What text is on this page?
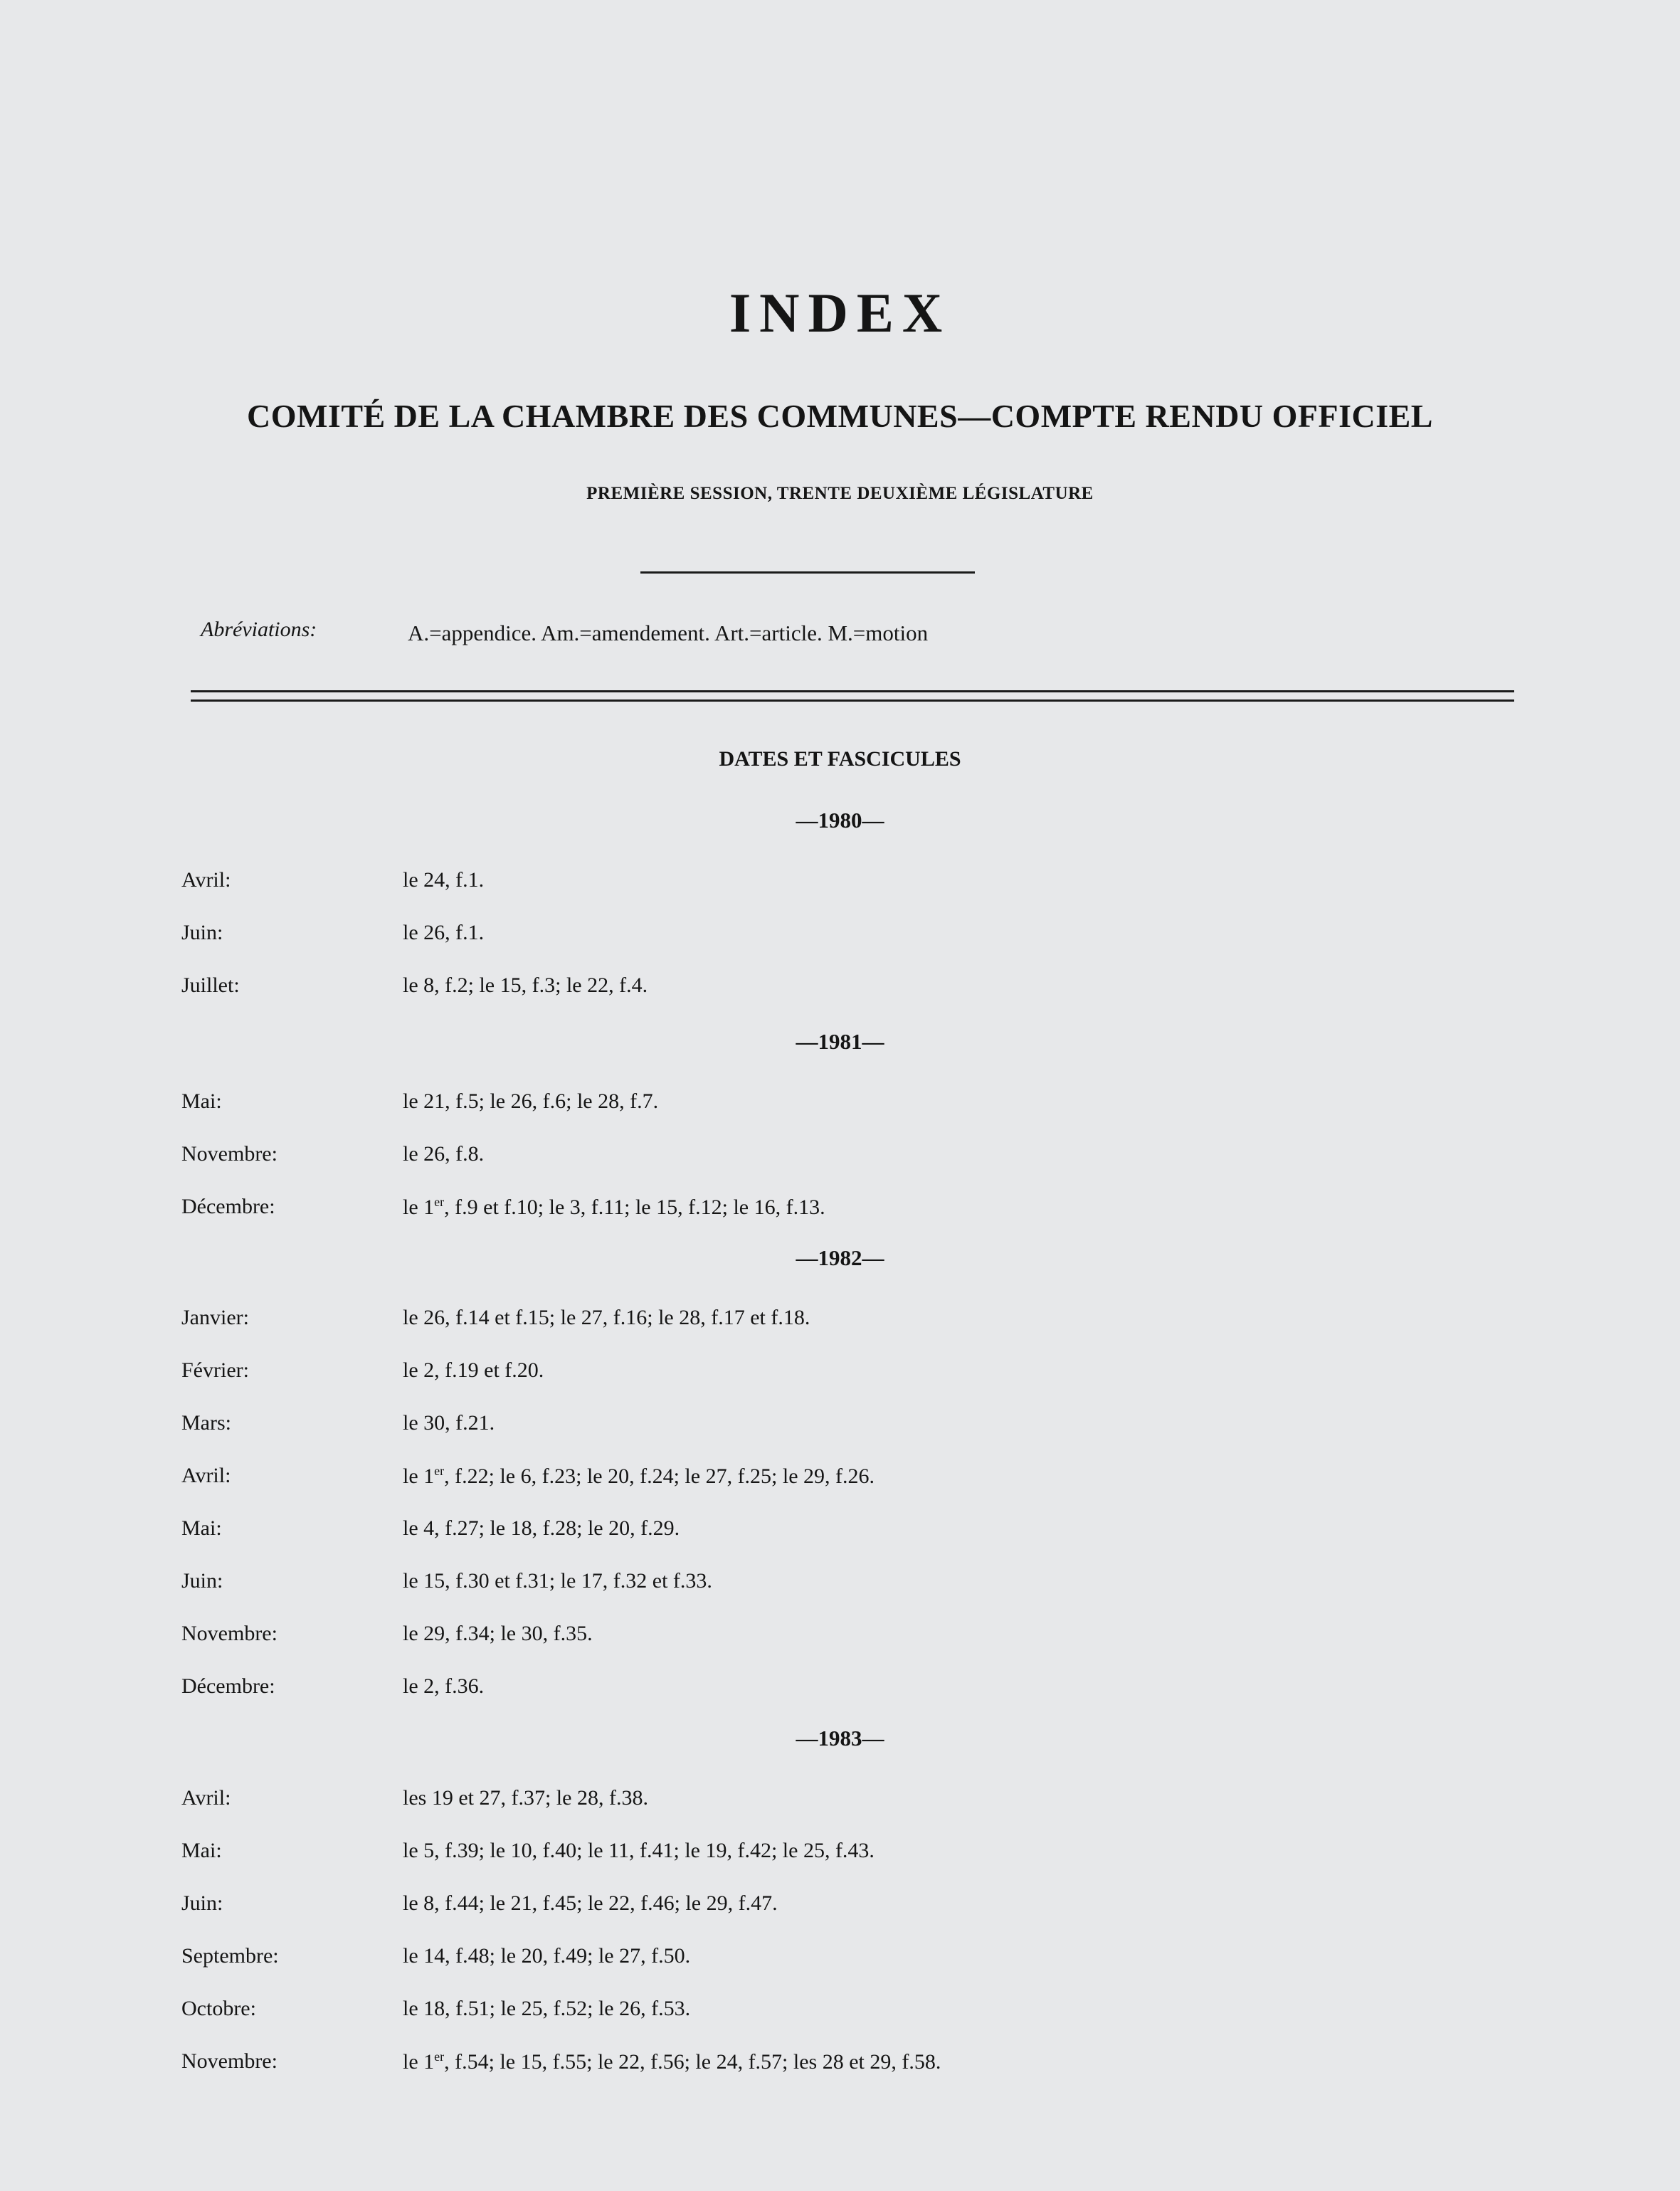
INDEX
COMITÉ DE LA CHAMBRE DES COMMUNES—COMPTE RENDU OFFICIEL
PREMIÈRE SESSION, TRENTE DEUXIÈME LÉGISLATURE
Abréviations:	A.=appendice. Am.=amendement. Art.=article. M.=motion
DATES ET FASCICULES
—1980—
Avril:	le 24, f.1.
Juin:	le 26, f.1.
Juillet:	le 8, f.2; le 15, f.3; le 22, f.4.
—1981—
Mai:	le 21, f.5; le 26, f.6; le 28, f.7.
Novembre:	le 26, f.8.
Décembre:	le 1er, f.9 et f.10; le 3, f.11; le 15, f.12; le 16, f.13.
—1982—
Janvier:	le 26, f.14 et f.15; le 27, f.16; le 28, f.17 et f.18.
Février:	le 2, f.19 et f.20.
Mars:	le 30, f.21.
Avril:	le 1er, f.22; le 6, f.23; le 20, f.24; le 27, f.25; le 29, f.26.
Mai:	le 4, f.27; le 18, f.28; le 20, f.29.
Juin:	le 15, f.30 et f.31; le 17, f.32 et f.33.
Novembre:	le 29, f.34; le 30, f.35.
Décembre:	le 2, f.36.
—1983—
Avril:	les 19 et 27, f.37; le 28, f.38.
Mai:	le 5, f.39; le 10, f.40; le 11, f.41; le 19, f.42; le 25, f.43.
Juin:	le 8, f.44; le 21, f.45; le 22, f.46; le 29, f.47.
Septembre:	le 14, f.48; le 20, f.49; le 27, f.50.
Octobre:	le 18, f.51; le 25, f.52; le 26, f.53.
Novembre:	le 1er, f.54; le 15, f.55; le 22, f.56; le 24, f.57; les 28 et 29, f.58.
